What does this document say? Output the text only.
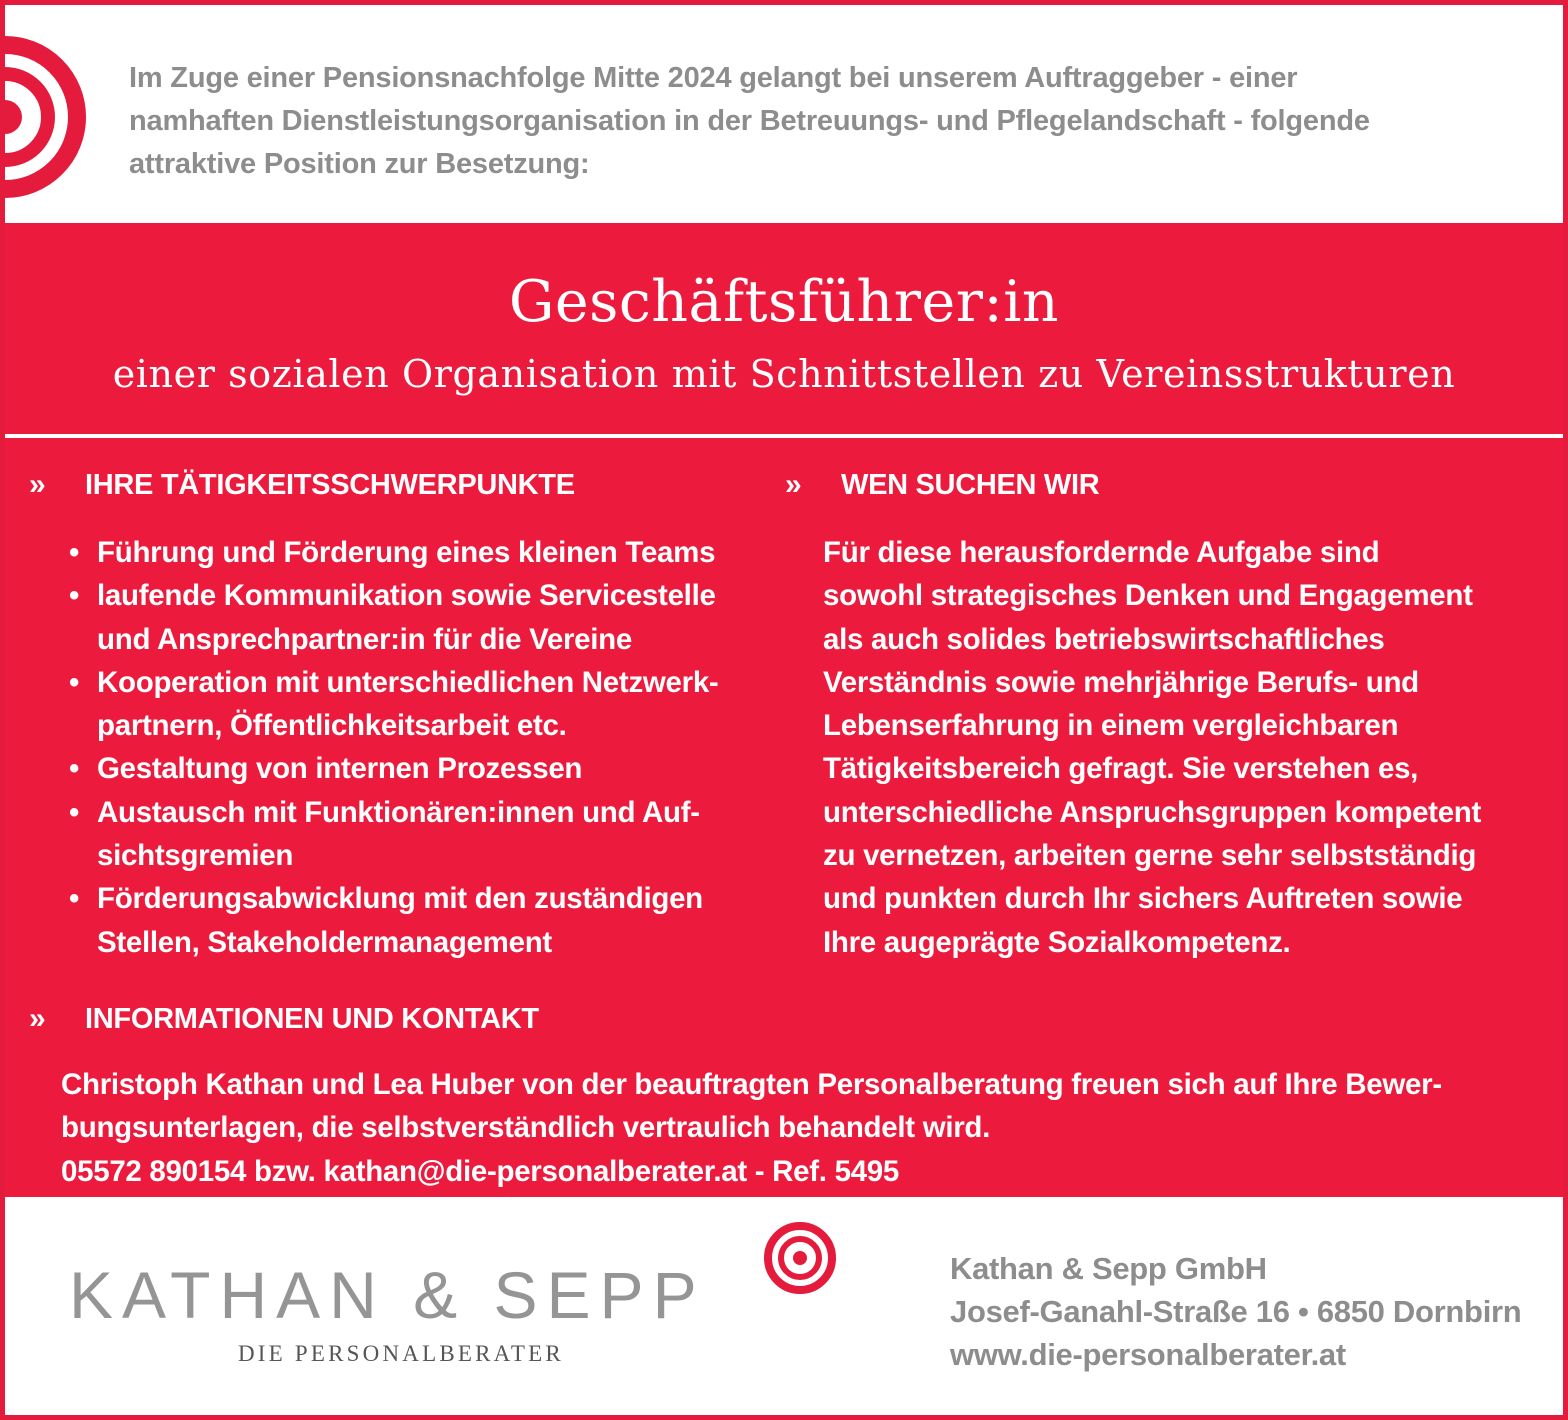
Im Zuge einer Pensionsnachfolge Mitte 2024 gelangt bei unserem Auftraggeber - einer
namhaften Dienstleistungsorganisation in der Betreuungs- und Pflegelandschaft - folgende
attraktive Position zur Besetzung:
Geschäftsführer:in
einer sozialen Organisation mit Schnittstellen zu Vereinsstrukturen
» IHRE TÄTIGKEITSSCHWERPUNKTE	» WEN SUCHEN WIR
• Führung und Förderung eines kleinen Teams
• laufende Kommunikation sowie Servicestelle
und Ansprechpartner:in für die Vereine
• Kooperation mit unterschiedlichen Netzwerk-
partnern, Öffentlichkeitsarbeit etc.
• Gestaltung von internen Prozessen
• Austausch mit Funktionären:innen und Auf-
sichtsgremien
• Förderungsabwicklung mit den zuständigen
Stellen, Stakeholdermanagement
Für diese herausfordernde Aufgabe sind
sowohl strategisches Denken und Engagement
als auch solides betriebswirtschaftliches
Verständnis sowie mehrjährige Berufs- und
Lebenserfahrung in einem vergleichbaren
Tätigkeitsbereich gefragt. Sie verstehen es,
unterschiedliche Anspruchsgruppen kompetent
zu vernetzen, arbeiten gerne sehr selbstständig
und punkten durch Ihr sichers Auftreten sowie
Ihre augeprägte Sozialkompetenz.
» INFORMATIONEN UND KONTAKT
Christoph Kathan und Lea Huber von der beauftragten Personalberatung freuen sich auf Ihre Bewer-
bungsunterlagen, die selbstverständlich vertraulich behandelt wird.
05572 890154 bzw. kathan@die-personalberater.at - Ref. 5495
KATHAN & SEPP
DIE PERSONALBERATER
Kathan & Sepp GmbH
Josef-Ganahl-Straße 16 • 6850 Dornbirn
www.die-personalberater.at
